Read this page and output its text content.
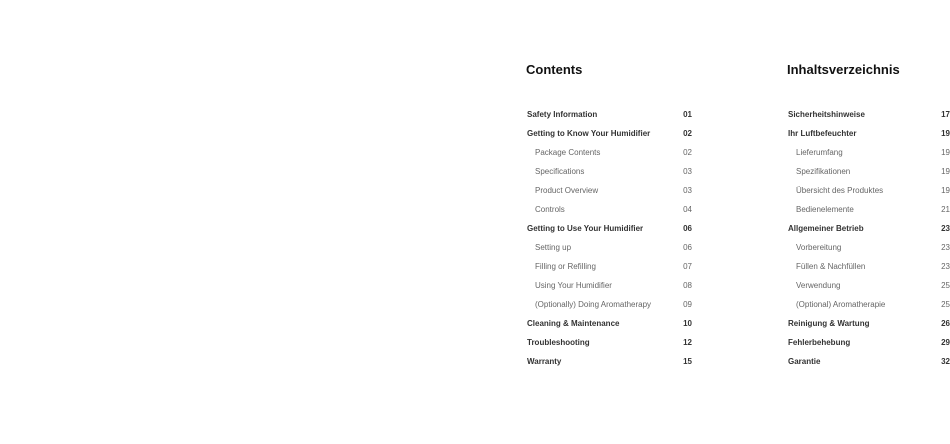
Contents
Safety Information	01
Getting to Know Your Humidifier	02
Package Contents	02
Specifications	03
Product Overview	03
Controls	04
Getting to Use Your Humidifier	06
Setting up	06
Filling or Refilling	07
Using Your Humidifier	08
(Optionally) Doing Aromatherapy	09
Cleaning & Maintenance	10
Troubleshooting	12
Warranty	15
Inhaltsverzeichnis
Sicherheitshinweise	17
Ihr Luftbefeuchter	19
Lieferumfang	19
Spezifikationen	19
Übersicht des Produktes	19
Bedienelemente	21
Allgemeiner Betrieb	23
Vorbereitung	23
Füllen & Nachfüllen	23
Verwendung	25
(Optional) Aromatherapie	25
Reinigung & Wartung	26
Fehlerbehebung	29
Garantie	32
